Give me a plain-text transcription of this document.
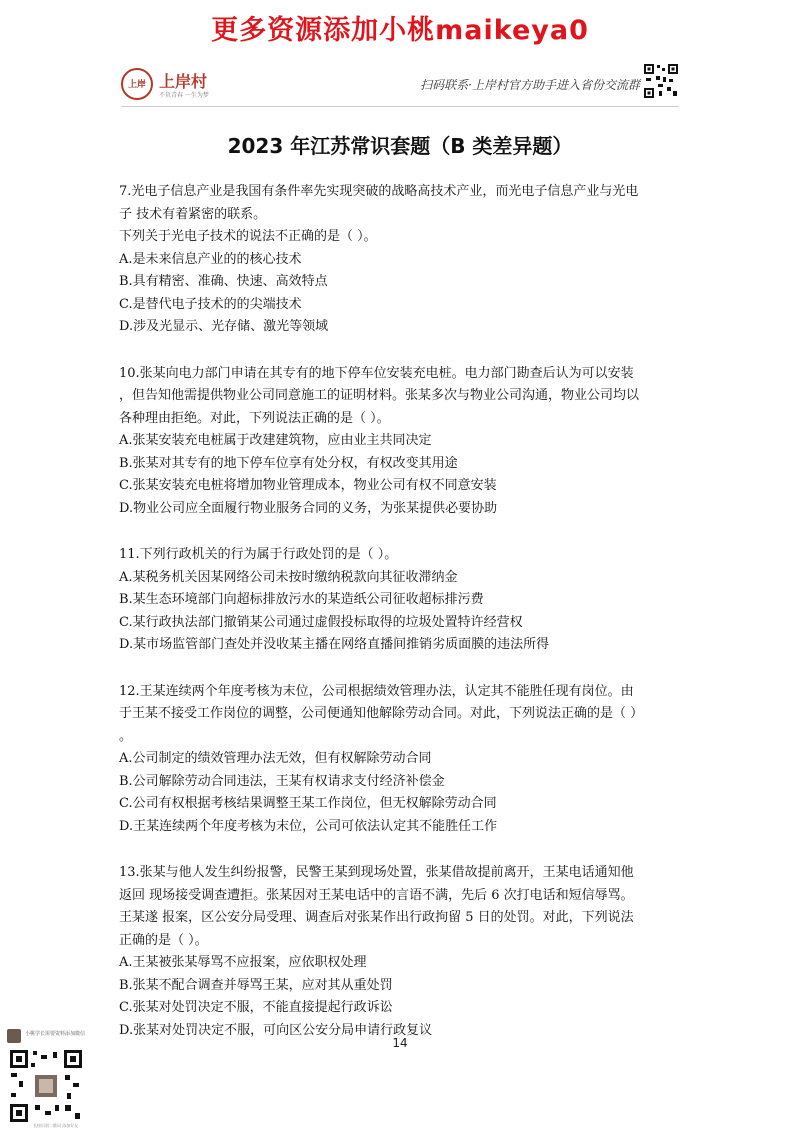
更多资源添加小桃maikeya0
上岸 上岸村
不负青春 一生为梦
扫码联系·上岸村官方助手进入省份交流群
2023 年江苏常识套题（B 类差异题）
7.光电子信息产业是我国有条件率先实现突破的战略高技术产业，而光电子信息产业与光电
子 技术有着紧密的联系。
下列关于光电子技术的说法不正确的是（ ）。
A.是未来信息产业的的核心技术
B.具有精密、准确、快速、高效特点
C.是替代电子技术的的尖端技术
D.涉及光显示、光存储、激光等领域
10.张某向电力部门申请在其专有的地下停车位安装充电桩。电力部门勘查后认为可以安装
，但告知他需提供物业公司同意施工的证明材料。张某多次与物业公司沟通，物业公司均以
各种理由拒绝。对此，下列说法正确的是（ ）。
A.张某安装充电桩属于改建建筑物，应由业主共同决定
B.张某对其专有的地下停车位享有处分权，有权改变其用途
C.张某安装充电桩将增加物业管理成本，物业公司有权不同意安装
D.物业公司应全面履行物业服务合同的义务，为张某提供必要协助
11.下列行政机关的行为属于行政处罚的是（ ）。
A.某税务机关因某网络公司未按时缴纳税款向其征收滞纳金
B.某生态环境部门向超标排放污水的某造纸公司征收超标排污费
C.某行政执法部门撤销某公司通过虚假投标取得的垃圾处置特许经营权
D.某市场监管部门查处并没收某主播在网络直播间推销劣质面膜的违法所得
12.王某连续两个年度考核为末位，公司根据绩效管理办法，认定其不能胜任现有岗位。由
于王某不接受工作岗位的调整，公司便通知他解除劳动合同。对此，下列说法正确的是（ ）
。
A.公司制定的绩效管理办法无效，但有权解除劳动合同
B.公司解除劳动合同违法，王某有权请求支付经济补偿金
C.公司有权根据考核结果调整王某工作岗位，但无权解除劳动合同
D.王某连续两个年度考核为末位，公司可依法认定其不能胜任工作
13.张某与他人发生纠纷报警，民警王某到现场处置，张某借故提前离开，王某电话通知他
返回 现场接受调查遭拒。张某因对王某电话中的言语不满，先后 6 次打电话和短信辱骂。
王某遂 报案，区公安分局受理、调查后对张某作出行政拘留 5 日的处罚。对此，下列说法
正确的是（ ）。
A.王某被张某辱骂不应报案，应依职权处理
B.张某不配合调查并辱骂王某，应对其从重处罚
C.张某对处罚决定不服，不能直接提起行政诉讼
D.张某对处罚决定不服，可向区公安分局申请行政复议
14
小桃学长需要资料添加微信
长按识别二维码 添加好友
